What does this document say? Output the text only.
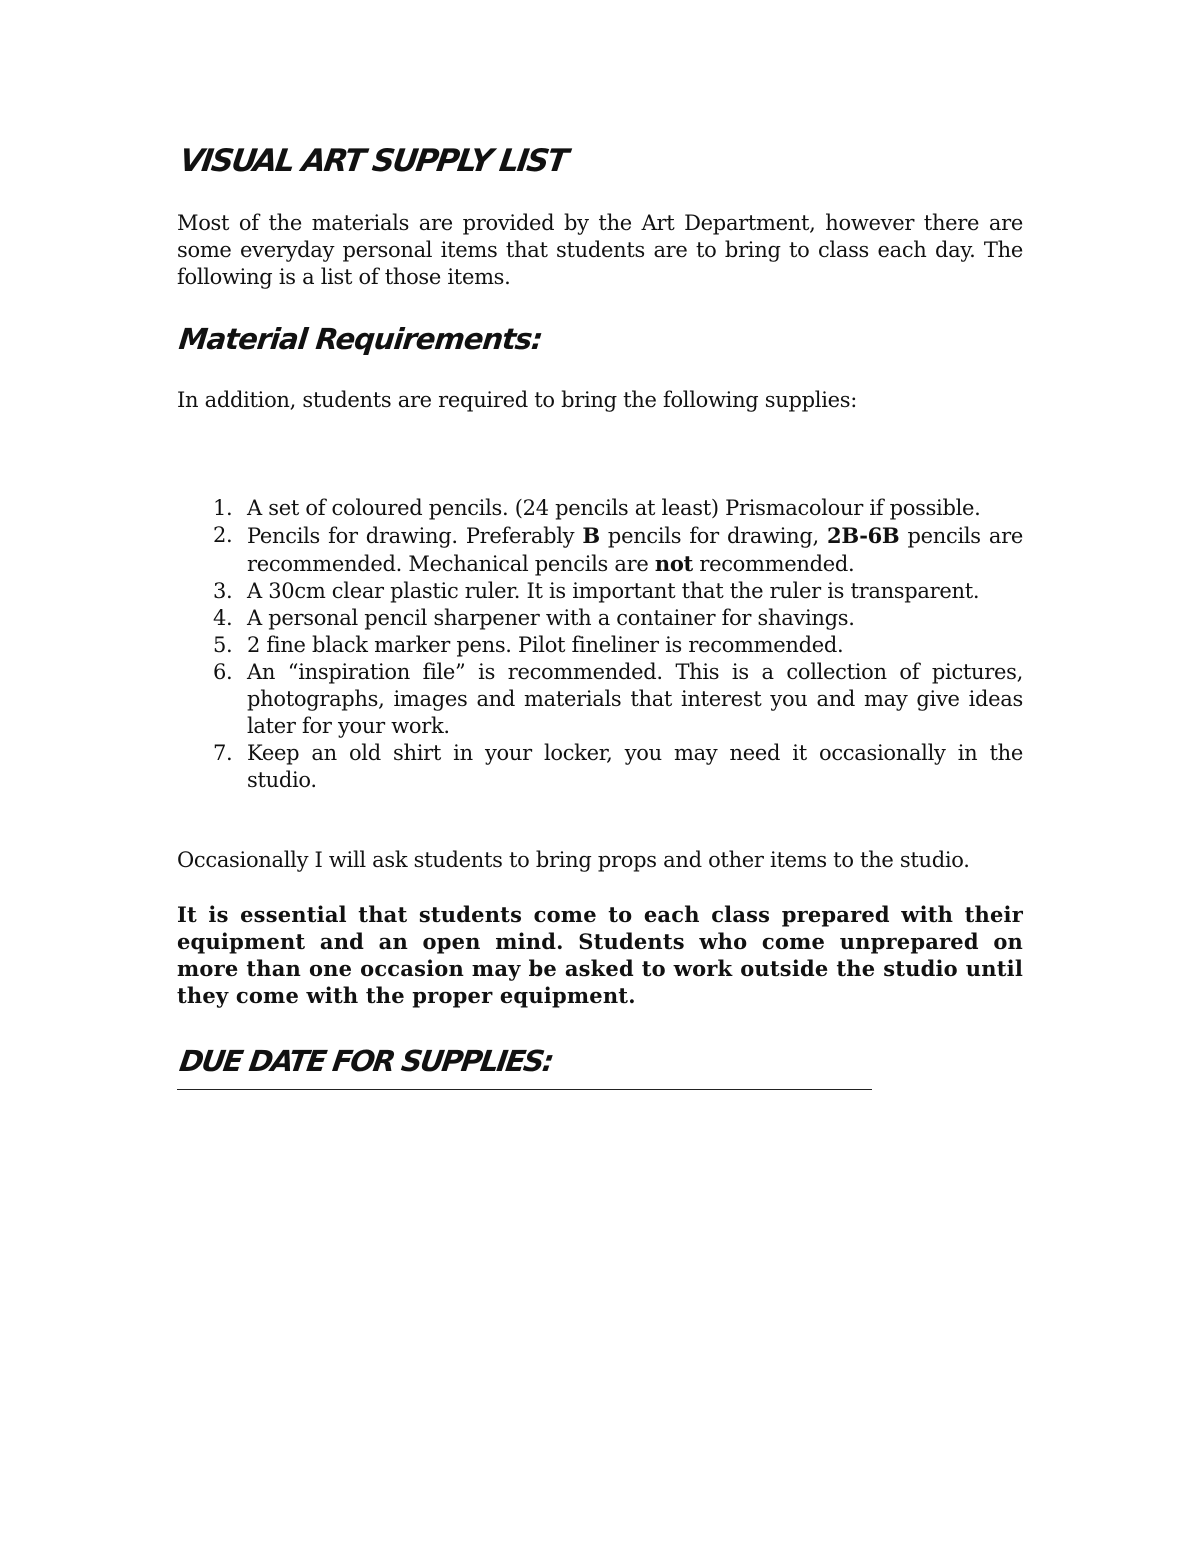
VISUAL ART SUPPLY LIST

Most of the materials are provided by the Art Department, however there are some everyday personal items that students are to bring to class each day. The following is a list of those items.

Material Requirements:

In addition, students are required to bring the following supplies:

1. A set of coloured pencils. (24 pencils at least) Prismacolour if possible.
2. Pencils for drawing. Preferably B pencils for drawing, 2B-6B pencils are recommended. Mechanical pencils are not recommended.
3. A 30cm clear plastic ruler. It is important that the ruler is transparent.
4. A personal pencil sharpener with a container for shavings.
5. 2 fine black marker pens. Pilot fineliner is recommended.
6. An “inspiration file” is recommended. This is a collection of pictures, photographs, images and materials that interest you and may give ideas later for your work.
7. Keep an old shirt in your locker, you may need it occasionally in the studio.

Occasionally I will ask students to bring props and other items to the studio.

It is essential that students come to each class prepared with their equipment and an open mind. Students who come unprepared on more than one occasion may be asked to work outside the studio until they come with the proper equipment.

DUE DATE FOR SUPPLIES:
